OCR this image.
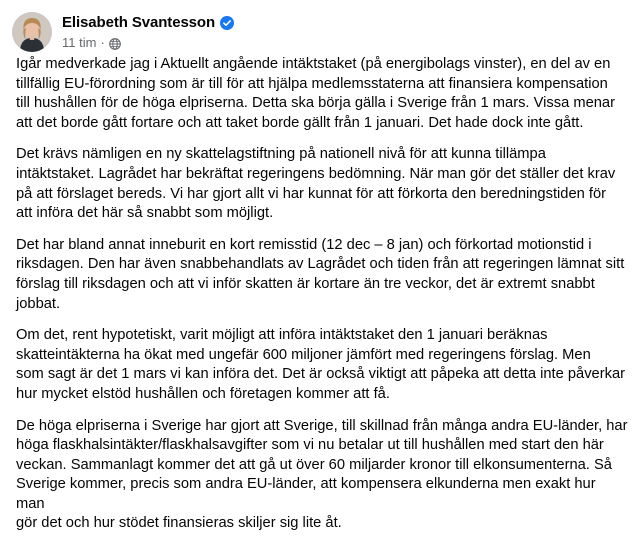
Elisabeth Svantesson
11 tim ·

Igår medverkade jag i Aktuellt angående intäktstaket (på energibolags vinster), en del av en
tillfällig EU-förordning som är till för att hjälpa medlemsstaterna att finansiera kompensation
till hushållen för de höga elpriserna. Detta ska börja gälla i Sverige från 1 mars. Vissa menar
att det borde gått fortare och att taket borde gällt från 1 januari. Det hade dock inte gått.

Det krävs nämligen en ny skattelagstiftning på nationell nivå för att kunna tillämpa
intäktstaket. Lagrådet har bekräftat regeringens bedömning. När man gör det ställer det krav
på att förslaget bereds. Vi har gjort allt vi har kunnat för att förkorta den beredningstiden för
att införa det här så snabbt som möjligt.

Det har bland annat inneburit en kort remisstid (12 dec – 8 jan) och förkortad motionstid i
riksdagen. Den har även snabbehandlats av Lagrådet och tiden från att regeringen lämnat sitt
förslag till riksdagen och att vi inför skatten är kortare än tre veckor, det är extremt snabbt
jobbat.

Om det, rent hypotetiskt, varit möjligt att införa intäktstaket den 1 januari beräknas
skatteintäkterna ha ökat med ungefär 600 miljoner jämfört med regeringens förslag. Men
som sagt är det 1 mars vi kan införa det. Det är också viktigt att påpeka att detta inte påverkar
hur mycket elstöd hushållen och företagen kommer att få.

De höga elpriserna i Sverige har gjort att Sverige, till skillnad från många andra EU-länder, har
höga flaskhalsintäkter/flaskhalsavgifter som vi nu betalar ut till hushållen med start den här
veckan. Sammanlagt kommer det att gå ut över 60 miljarder kronor till elkonsumenterna. Så
Sverige kommer, precis som andra EU-länder, att kompensera elkunderna men exakt hur man
gör det och hur stödet finansieras skiljer sig lite åt.
